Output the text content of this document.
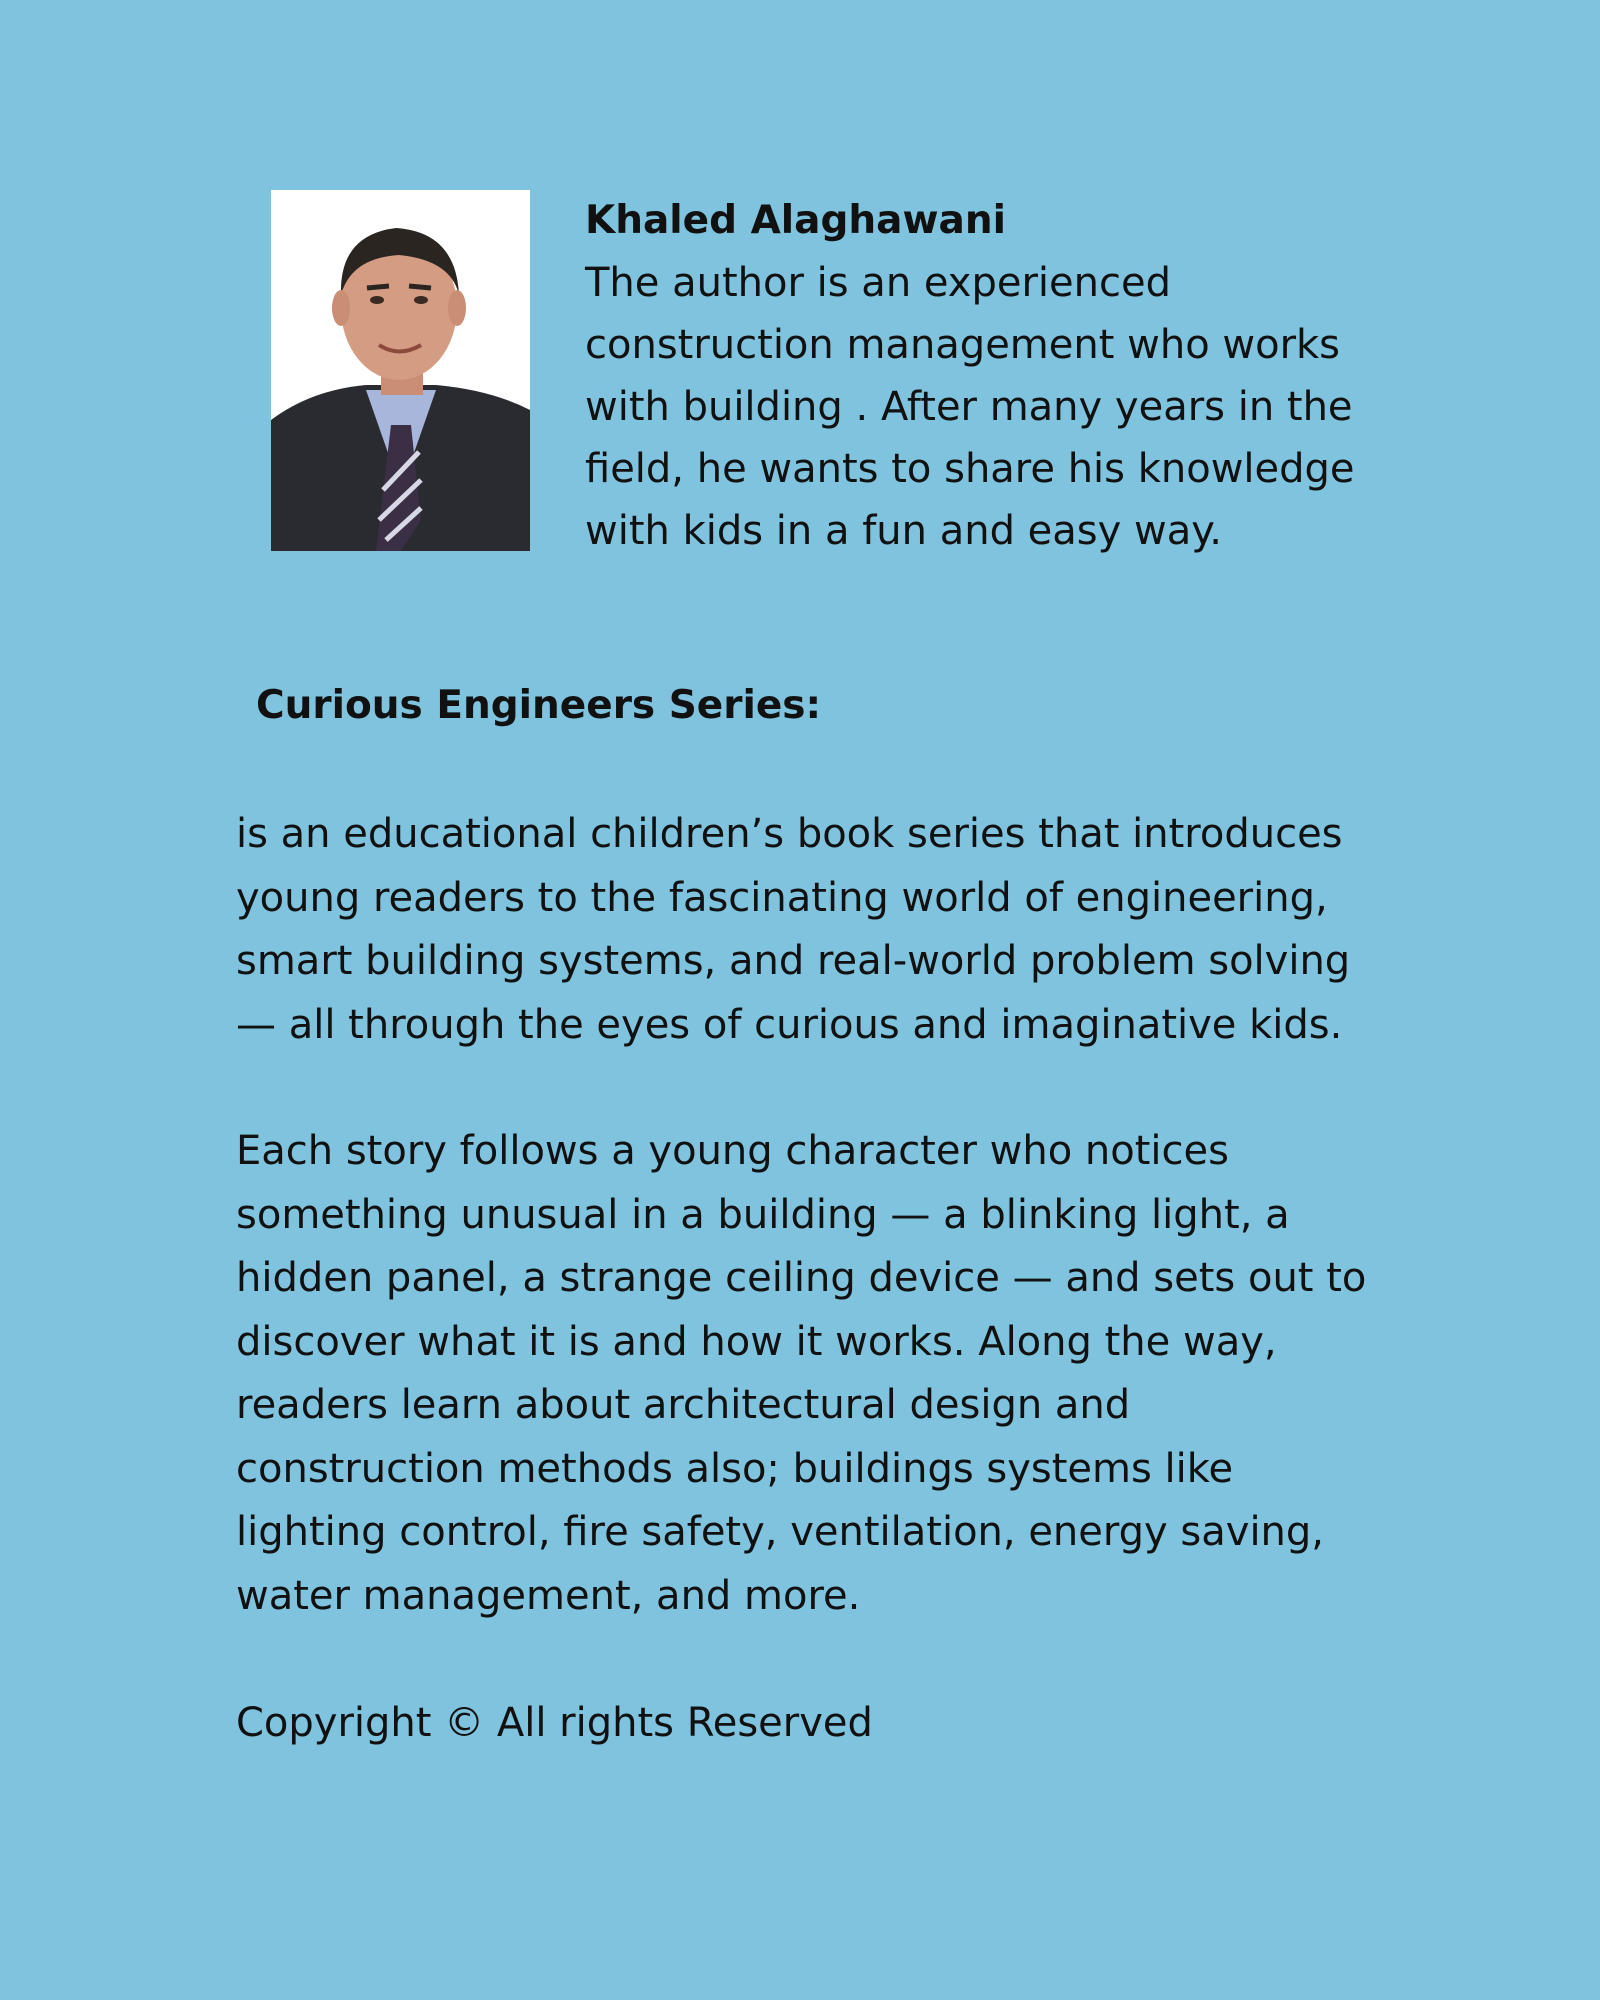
Khaled Alaghawani

The author is an experienced construction management who works with building . After many years in the field, he wants to share his knowledge with kids in a fun and easy way.

Curious Engineers Series:

is an educational children’s book series that introduces young readers to the fascinating world of engineering, smart building systems, and real-world problem solving — all through the eyes of curious and imaginative kids.

Each story follows a young character who notices something unusual in a building — a blinking light, a hidden panel, a strange ceiling device — and sets out to discover what it is and how it works. Along the way, readers learn about architectural design and construction methods also; buildings systems like lighting control, fire safety, ventilation, energy saving, water management, and more.

Copyright © All rights Reserved
